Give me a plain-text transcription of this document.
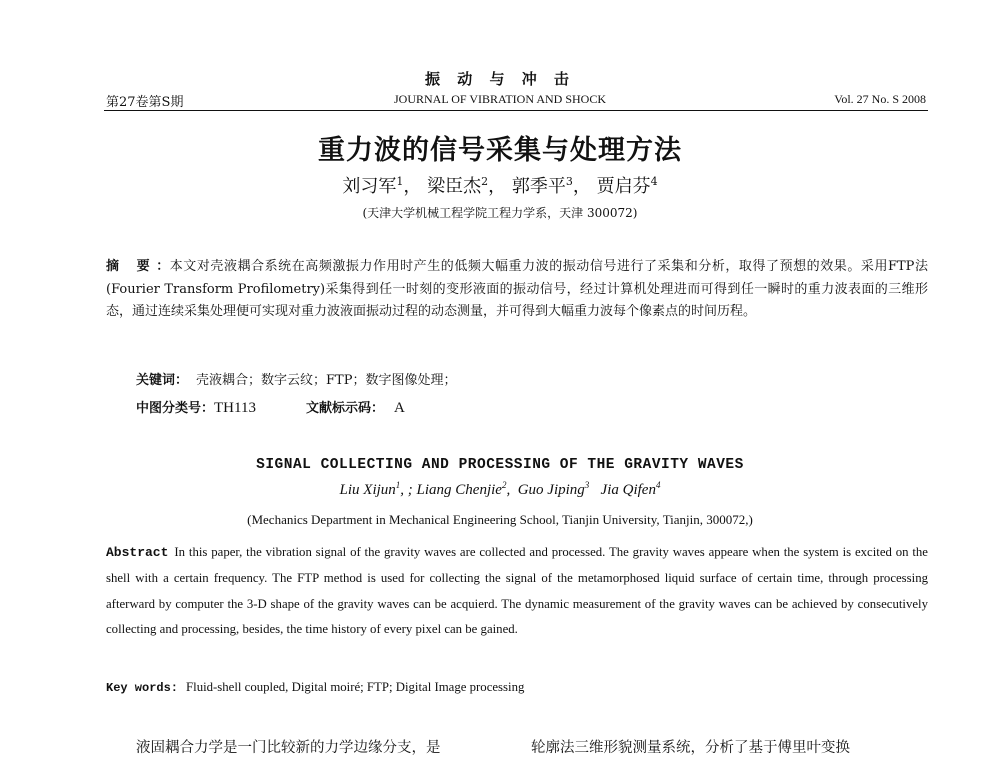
振 动 与 冲 击
第27卷第S期	JOURNAL OF VIBRATION AND SHOCK	Vol. 27 No. S 2008
重力波的信号采集与处理方法
刘习军$^1$， 梁臣杰$^2$， 郭季平$^3$， 贾启芬$^4$
(天津大学机械工程学院工程力学系，天津 300072)
摘 要：本文对壳液耦合系统在高频激振力作用时产生的低频大幅重力波的振动信号进行了采集和分析，取得了预想的效果。采用FTP法(Fourier Transform Profilometry)采集得到任一时刻的变形液面的振动信号，经过计算机处理进而可得到任一瞬时的重力波表面的三维形态，通过连续采集处理便可实现对重力波液面振动过程的动态测量，并可得到大幅重力波每个像素点的时间历程。
关键词： 壳液耦合；数字云纹；FTP；数字图像处理；
中图分类号：TH113	文献标示码： A
SIGNAL COLLECTING AND PROCESSING OF THE GRAVITY WAVES
Liu Xijun$^1$, ; Liang Chenjie$^2$,  Guo Jiping$^3$ Jia Qifen$^4$
(Mechanics Department in Mechanical Engineering School, Tianjin University, Tianjin, 300072,)
Abstract In this paper, the vibration signal of the gravity waves are collected and processed. The gravity waves appeare when the system is excited on the shell with a certain frequency. The FTP method is used for collecting the signal of the metamorphosed liquid surface of certain time, through processing afterward by computer the 3-D shape of the gravity waves can be acquierd. The dynamic measurement of the gravity waves can be achieved by consecutively collecting and processing, besides, the time history of every pixel can be gained.
Key words: Fluid-shell coupled, Digital moiré; FTP; Digital Image processing
液固耦合力学是一门比较新的力学边缘分支，是	轮廓法三维形貌测量系统，分析了基于傅里叶变换
